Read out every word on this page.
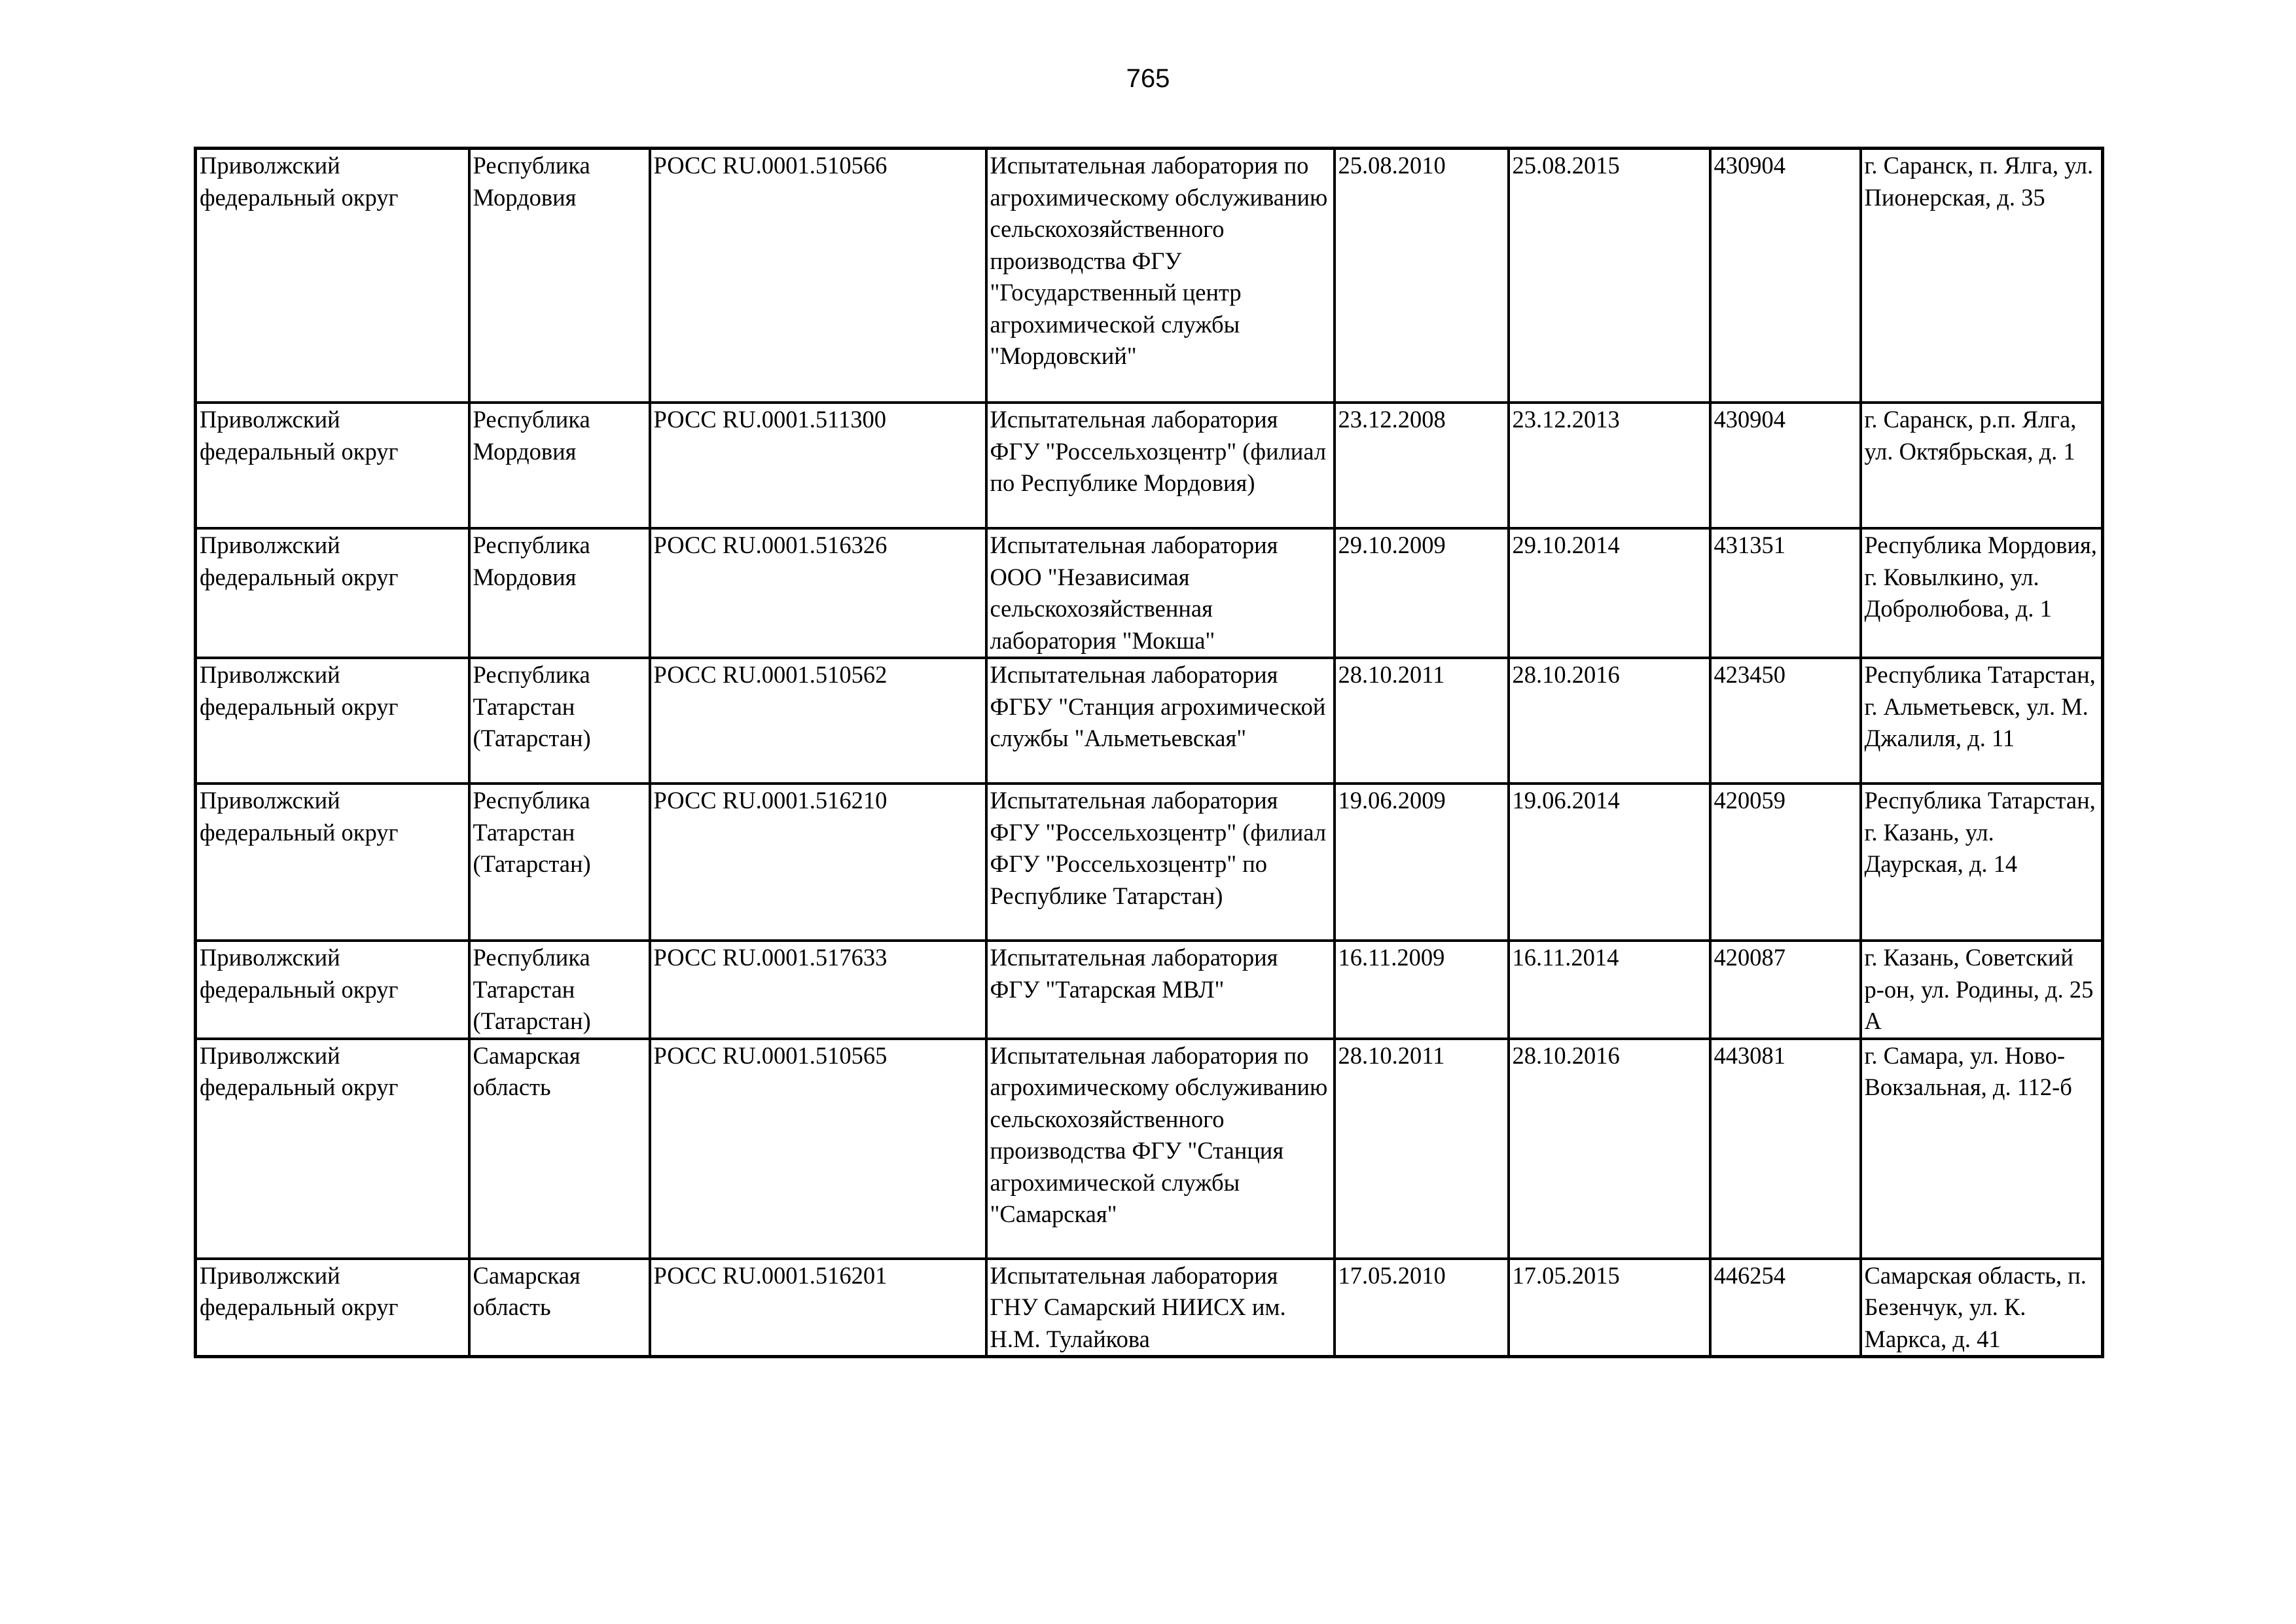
765
Приволжский федеральный округ	Республика Мордовия	РОСС RU.0001.510566	Испытательная лаборатория по агрохимическому обслуживанию сельскохозяйственного производства ФГУ "Государственный центр агрохимической службы "Мордовский"	25.08.2010	25.08.2015	430904	г. Саранск, п. Ялга, ул. Пионерская, д. 35
Приволжский федеральный округ	Республика Мордовия	РОСС RU.0001.511300	Испытательная лаборатория ФГУ "Россельхозцентр" (филиал по Республике Мордовия)	23.12.2008	23.12.2013	430904	г. Саранск, р.п. Ялга, ул. Октябрьская, д. 1
Приволжский федеральный округ	Республика Мордовия	РОСС RU.0001.516326	Испытательная лаборатория ООО "Независимая сельскохозяйственная лаборатория "Мокша"	29.10.2009	29.10.2014	431351	Республика Мордовия, г. Ковылкино, ул. Добролюбова, д. 1
Приволжский федеральный округ	Республика Татарстан (Татарстан)	РОСС RU.0001.510562	Испытательная лаборатория ФГБУ "Станция агрохимической службы "Альметьевская"	28.10.2011	28.10.2016	423450	Республика Татарстан, г. Альметьевск, ул. М. Джалиля, д. 11
Приволжский федеральный округ	Республика Татарстан (Татарстан)	РОСС RU.0001.516210	Испытательная лаборатория ФГУ "Россельхозцентр" (филиал ФГУ "Россельхозцентр" по Республике Татарстан)	19.06.2009	19.06.2014	420059	Республика Татарстан, г. Казань, ул. Даурская, д. 14
Приволжский федеральный округ	Республика Татарстан (Татарстан)	РОСС RU.0001.517633	Испытательная лаборатория ФГУ "Татарская МВЛ"	16.11.2009	16.11.2014	420087	г. Казань, Советский р-он, ул. Родины, д. 25 А
Приволжский федеральный округ	Самарская область	РОСС RU.0001.510565	Испытательная лаборатория по агрохимическому обслуживанию сельскохозяйственного производства ФГУ "Станция агрохимической службы "Самарская"	28.10.2011	28.10.2016	443081	г. Самара, ул. Ново-Вокзальная, д. 112-б
Приволжский федеральный округ	Самарская область	РОСС RU.0001.516201	Испытательная лаборатория ГНУ Самарский НИИСХ им. Н.М. Тулайкова	17.05.2010	17.05.2015	446254	Самарская область, п. Безенчук, ул. К. Маркса, д. 41
